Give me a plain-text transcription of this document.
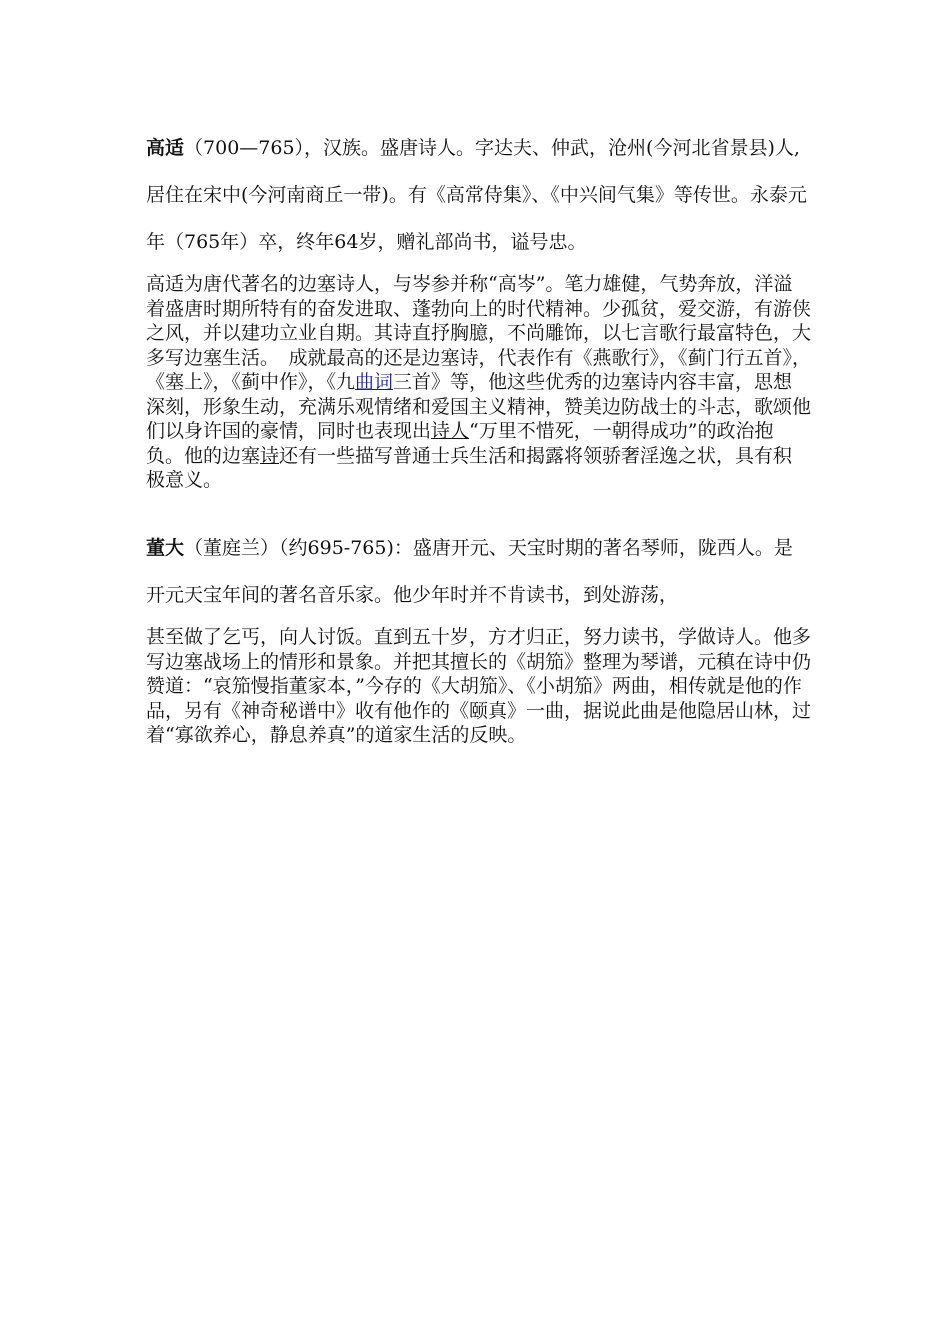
高适（700—765），汉族。盛唐诗人。字达夫、仲武，沧州(今河北省景县)人,居住在宋中(今河南商丘一带)。有《高常侍集》、《中兴间气集》等传世。永泰元年（765年）卒，终年64岁，赠礼部尚书，谥号忠。
高适为唐代著名的边塞诗人，与岑参并称“高岑”。笔力雄健，气势奔放，洋溢着盛唐时期所特有的奋发进取、蓬勃向上的时代精神。少孤贫，爱交游，有游侠之风，并以建功立业自期。其诗直抒胸臆，不尚雕饰，以七言歌行最富特色，大多写边塞生活。　成就最高的还是边塞诗，代表作有《燕歌行》，《蓟门行五首》，《塞上》，《蓟中作》，《九曲词三首》等，他这些优秀的边塞诗内容丰富，思想深刻，形象生动，充满乐观情绪和爱国主义精神，赞美边防战士的斗志，歌颂他们以身许国的豪情，同时也表现出诗人“万里不惜死，一朝得成功”的政治抱负。他的边塞诗还有一些描写普通士兵生活和揭露将领骄奢淫逸之状，具有积极意义。
董大（董庭兰）（约695-765)：盛唐开元、天宝时期的著名琴师，陇西人。是开元天宝年间的著名音乐家。他少年时并不肯读书，到处游荡，
甚至做了乞丐，向人讨饭。直到五十岁，方才归正，努力读书，学做诗人。他多写边塞战场上的情形和景象。并把其擅长的《胡笳》整理为琴谱，元稹在诗中仍赞道：“哀笳慢指董家本，”今存的《大胡笳》、《小胡笳》两曲，相传就是他的作品，另有《神奇秘谱中》收有他作的《颐真》一曲，据说此曲是他隐居山林，过着“寡欲养心，静息养真”的道家生活的反映。
